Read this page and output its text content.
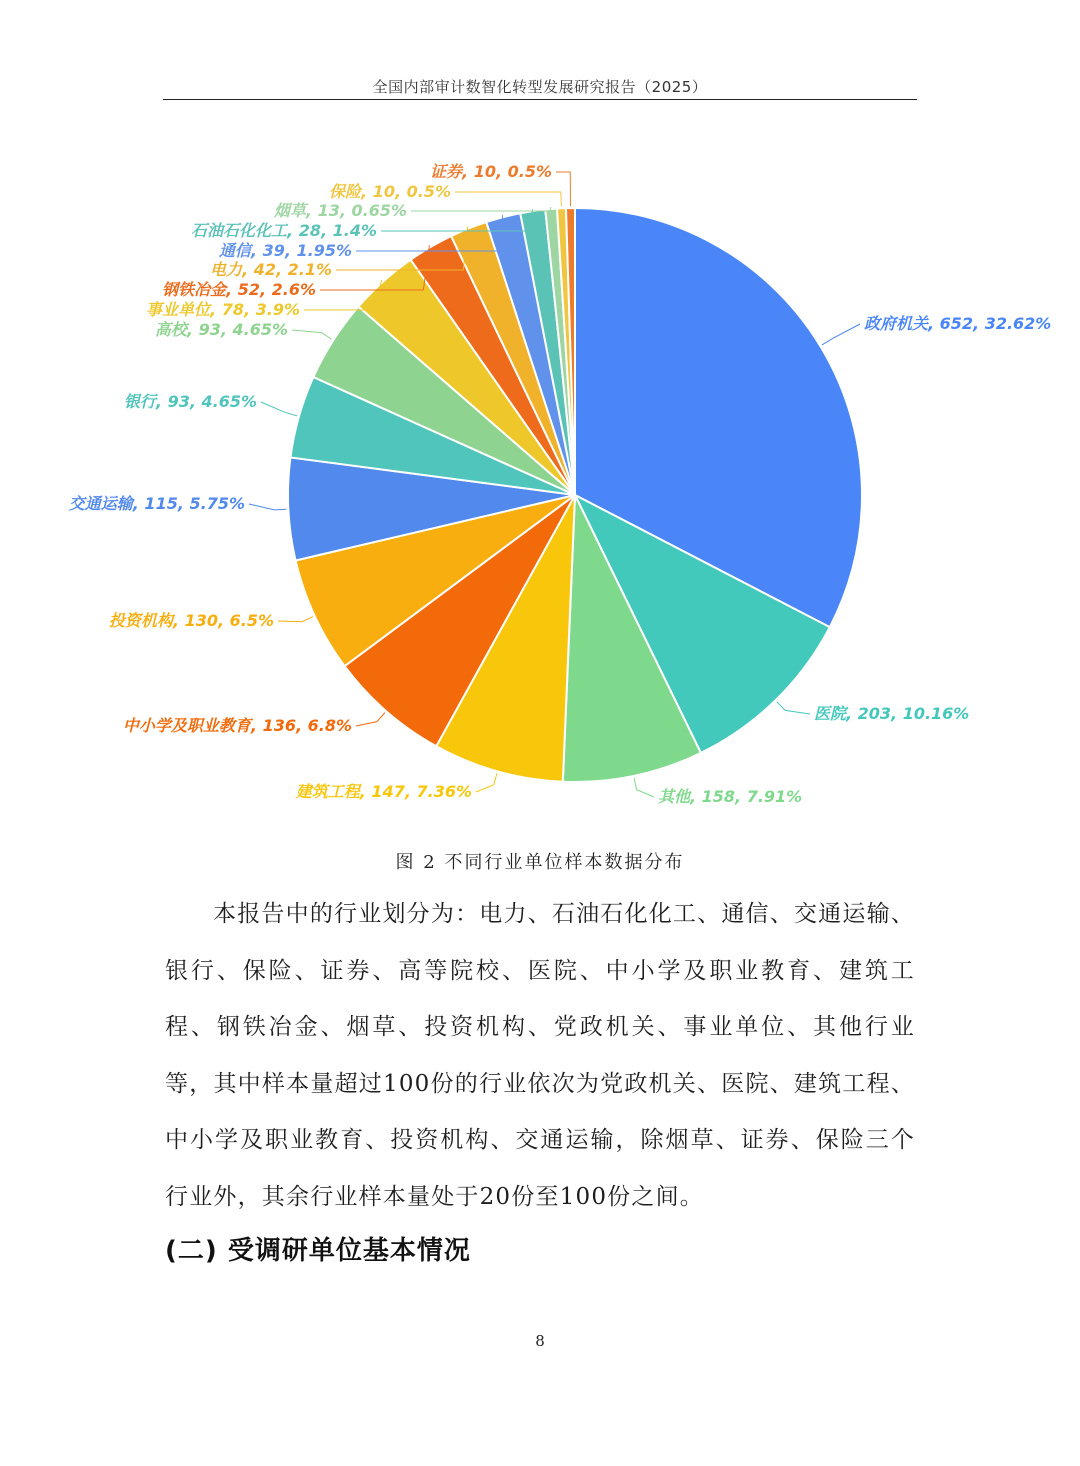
全国内部审计数智化转型发展研究报告（2025）
政府机关, 652, 32.62%
医院, 203, 10.16%
其他, 158, 7.91%
建筑工程, 147, 7.36%
中小学及职业教育, 136, 6.8%
投资机构, 130, 6.5%
交通运输, 115, 5.75%
银行, 93, 4.65%
高校, 93, 4.65%
事业单位, 78, 3.9%
钢铁冶金, 52, 2.6%
电力, 42, 2.1%
通信, 39, 1.95%
石油石化化工, 28, 1.4%
烟草, 13, 0.65%
保险, 10, 0.5%
证券, 10, 0.5%
图 2 不同行业单位样本数据分布

本报告中的行业划分为：电力、石油石化化工、通信、交通运输、银行、保险、证券、高等院校、医院、中小学及职业教育、建筑工程、钢铁冶金、烟草、投资机构、党政机关、事业单位、其他行业等，其中样本量超过100份的行业依次为党政机关、医院、建筑工程、中小学及职业教育、投资机构、交通运输，除烟草、证券、保险三个行业外，其余行业样本量处于20份至100份之间。

(二) 受调研单位基本情况
8
